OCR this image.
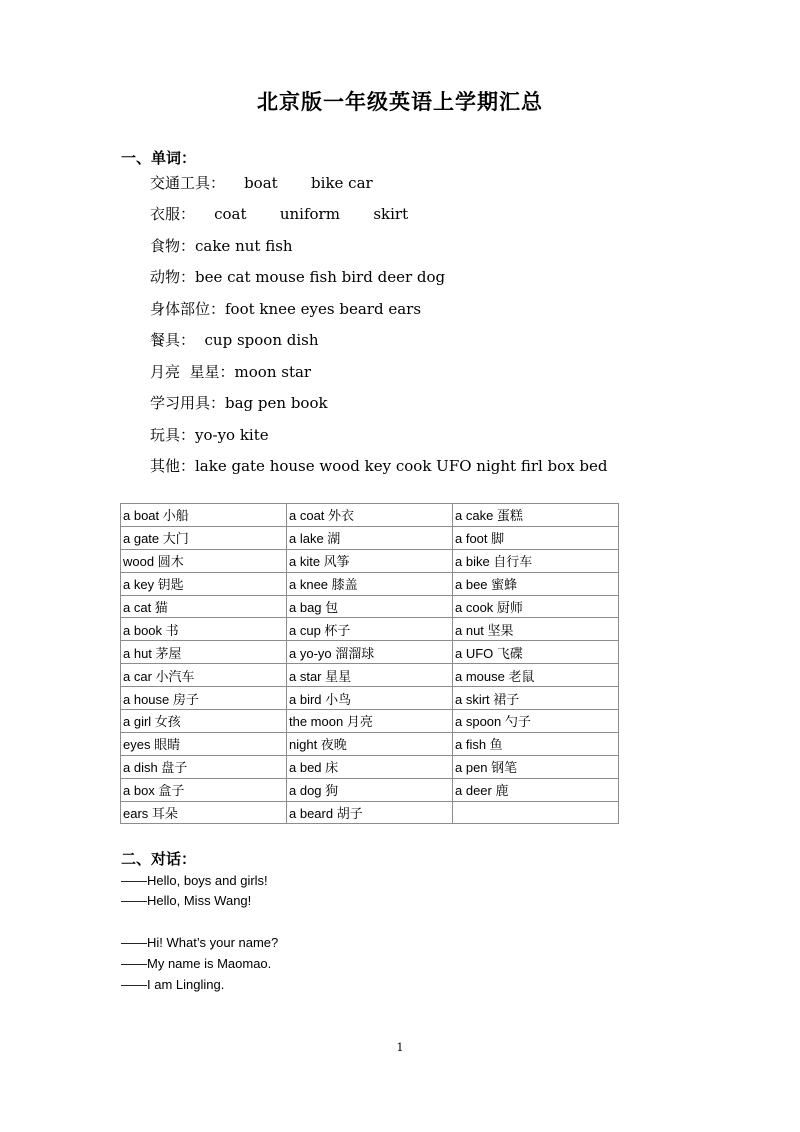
北京版一年级英语上学期汇总
一、单词：
交通工具：    boat       bike car
衣服：    coat       uniform       skirt
食物：cake nut fish
动物：bee cat mouse fish bird deer dog
身体部位：foot knee eyes beard ears
餐具：  cup spoon dish
月亮  星星：moon star
学习用具：bag pen book
玩具：yo-yo kite
其他：lake gate house wood key cook UFO night firl box bed
a boat 小船	a coat 外衣	a cake 蛋糕
a gate 大门	a lake 湖	a foot 脚
wood 圆木	a kite 风筝	a bike 自行车
a key 钥匙	a knee 膝盖	a bee 蜜蜂
a cat 猫	a bag 包	a cook 厨师
a book 书	a cup 杯子	a nut 坚果
a hut 茅屋	a yo-yo 溜溜球	a UFO 飞碟
a car 小汽车	a star 星星	a mouse 老鼠
a house 房子	a bird 小鸟	a skirt 裙子
a girl 女孩	the moon 月亮	a spoon 勺子
eyes 眼睛	night 夜晚	a fish 鱼
a dish 盘子	a bed 床	a pen 钢笔
a box 盒子	a dog 狗	a deer 鹿
ears 耳朵	a beard 胡子	
二、对话：
——Hello, boys and girls!
——Hello, Miss Wang!
——Hi! What’s your name?
——My name is Maomao.
——I am Lingling.
1
